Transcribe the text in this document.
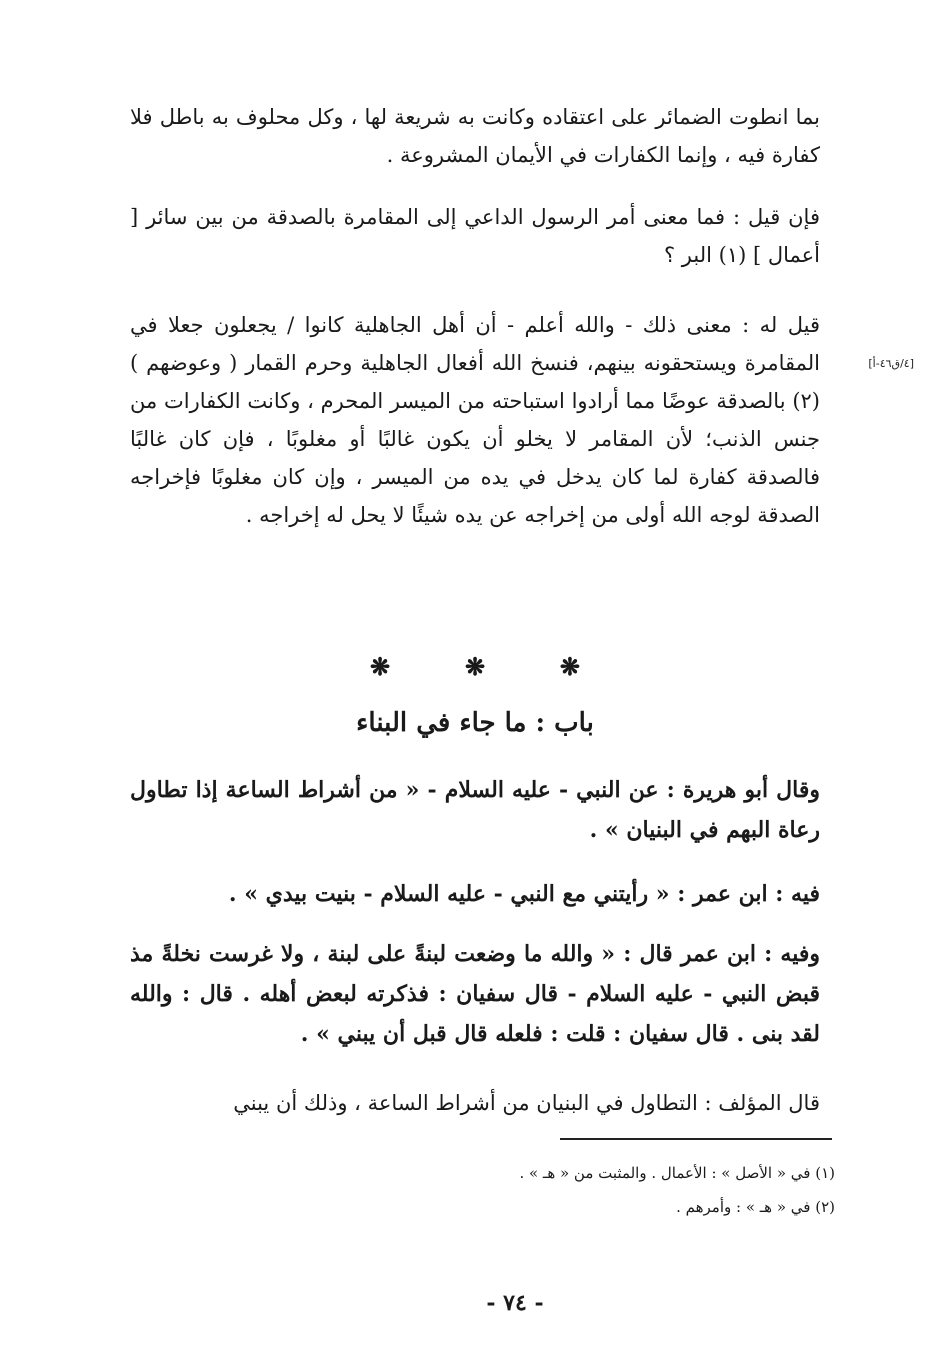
بما انطوت الضمائر على اعتقاده وكانت به شريعة لها ، وكل محلوف به باطل فلا كفارة فيه ، وإنما الكفارات في الأيمان المشروعة .
فإن قيل : فما معنى أمر الرسول الداعي إلى المقامرة بالصدقة من بين سائر [ أعمال ] (١) البر ؟
قيل له : معنى ذلك - والله أعلم - أن أهل الجاهلية كانوا / يجعلون جعلا في المقامرة ويستحقونه بينهم، فنسخ الله أفعال الجاهلية وحرم القمار ( وعوضهم ) (٢) بالصدقة عوضًا مما أرادوا استباحته من الميسر المحرم ، وكانت الكفارات من جنس الذنب؛ لأن المقامر لا يخلو أن يكون غالبًا أو مغلوبًا ، فإن كان غالبًا فالصدقة كفارة لما كان يدخل في يده من الميسر ، وإن كان مغلوبًا فإخراجه الصدقة لوجه الله أولى من إخراجه عن يده شيئًا لا يحل له إخراجه .
[٤/ق٤٦-أ]
❋	❋	❋
باب : ما جاء في البناء
وقال أبو هريرة : عن النبي - عليه السلام - « من أشراط الساعة إذا تطاول رعاة البهم في البنيان » .
فيه : ابن عمر : « رأيتني مع النبي - عليه السلام - بنيت بيدي » .
وفيه : ابن عمر قال : « والله ما وضعت لبنةً على لبنة ، ولا غرست نخلةً مذ قبض النبي - عليه السلام - قال سفيان : فذكرته لبعض أهله . قال : والله لقد بنى . قال سفيان : قلت : فلعله قال قبل أن يبني » .
قال المؤلف : التطاول في البنيان من أشراط الساعة ، وذلك أن يبني
(١) في « الأصل » : الأعمال . والمثبت من « هـ » .
(٢) في « هـ » : وأمرهم .
- ٧٤ -
